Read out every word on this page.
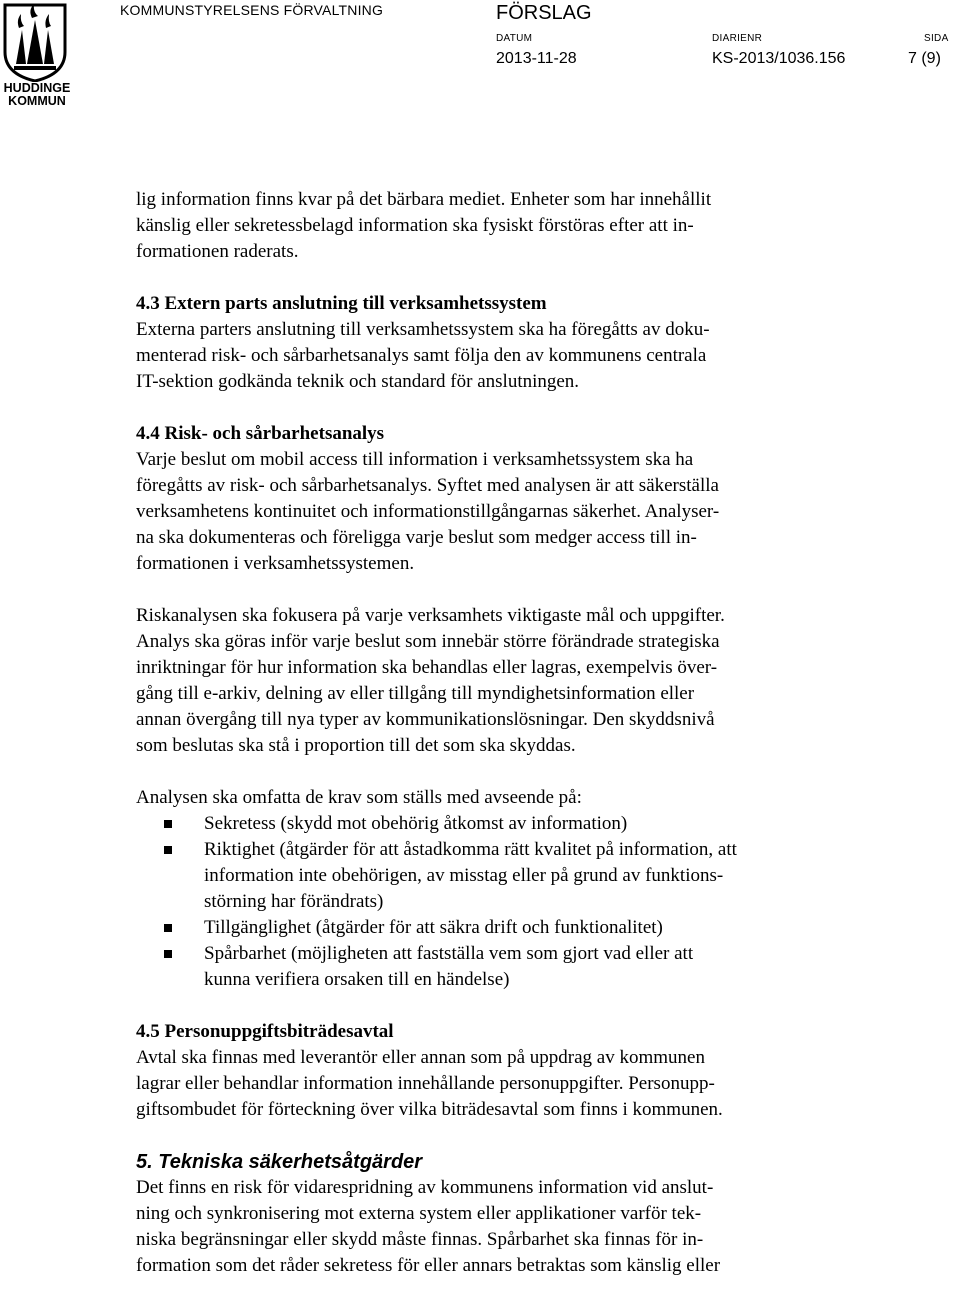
HUDDINGE
KOMMUN
KOMMUNSTYRELSENS FÖRVALTNING	FÖRSLAG
DATUM	DIARIENR	SIDA
2013-11-28	KS-2013/1036.156	7 (9)

lig information finns kvar på det bärbara mediet. Enheter som har innehållit
känslig eller sekretessbelagd information ska fysiskt förstöras efter att in-
formationen raderats.

4.3 Extern parts anslutning till verksamhetssystem

Externa parters anslutning till verksamhetssystem ska ha föregåtts av doku-
menterad risk- och sårbarhetsanalys samt följa den av kommunens centrala
IT-sektion godkända teknik och standard för anslutningen.

4.4 Risk- och sårbarhetsanalys

Varje beslut om mobil access till information i verksamhetssystem ska ha
föregåtts av risk- och sårbarhetsanalys. Syftet med analysen är att säkerställa
verksamhetens kontinuitet och informationstillgångarnas säkerhet. Analyser-
na ska dokumenteras och föreligga varje beslut som medger access till in-
formationen i verksamhetssystemen.

Riskanalysen ska fokusera på varje verksamhets viktigaste mål och uppgifter.
Analys ska göras inför varje beslut som innebär större förändrade strategiska
inriktningar för hur information ska behandlas eller lagras, exempelvis över-
gång till e-arkiv, delning av eller tillgång till myndighetsinformation eller
annan övergång till nya typer av kommunikationslösningar. Den skyddsnivå
som beslutas ska stå i proportion till det som ska skyddas.

Analysen ska omfatta de krav som ställs med avseende på:

Sekretess (skydd mot obehörig åtkomst av information)
Riktighet (åtgärder för att åstadkomma rätt kvalitet på information, att
information inte obehörigen, av misstag eller på grund av funktions-
störning har förändrats)
Tillgänglighet (åtgärder för att säkra drift och funktionalitet)
Spårbarhet (möjligheten att fastställa vem som gjort vad eller att
kunna verifiera orsaken till en händelse)
4.5 Personuppgiftsbiträdesavtal

Avtal ska finnas med leverantör eller annan som på uppdrag av kommunen
lagrar eller behandlar information innehållande personuppgifter. Personupp-
giftsombudet för förteckning över vilka biträdesavtal som finns i kommunen.

5. Tekniska säkerhetsåtgärder

Det finns en risk för vidarespridning av kommunens information vid anslut-
ning och synkronisering mot externa system eller applikationer varför tek-
niska begränsningar eller skydd måste finnas. Spårbarhet ska finnas för in-
formation som det råder sekretess för eller annars betraktas som känslig eller
